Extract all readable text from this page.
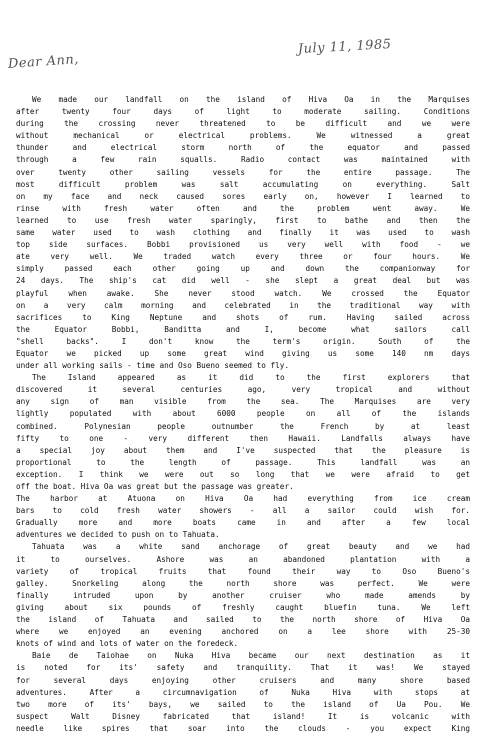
Dear Ann,
July 11, 1985
We made our landfall on the island of Hiva Oa in the Marquises
after twenty four days of light to moderate sailing. Conditions
during the crossing never threatened to be difficult and we were
without mechanical or electrical problems. We witnessed a great
thunder and electrical storm north of the equator and passed
through a few rain squalls. Radio contact was maintained with
over twenty other sailing vessels for the entire passage. The
most difficult problem was salt accumulating on everything. Salt
on my face and neck caused sores early on, however I learned to
rinse with fresh water often and the problem went away. We
learned to use fresh water sparingly, first to bathe and then the
same water used to wash clothing and finally it was used to wash
top side surfaces. Bobbi provisioned us very well with food - we
ate very well. We traded watch every three or four hours. We
simply passed each other going up and down the companionway for
24 days. The ship's cat did well - she slept a great deal but was
playful when awake. She never stood watch. We crossed the Equator
on a very calm morning and celebrated in the traditional way with
sacrifices to King Neptune and shots of rum. Having sailed across
the Equator Bobbi, Banditta and I, become what sailors call
"shell backs". I don't know the term's origin. South of the
Equator we picked up some great wind giving us some 140 nm days
under all working sails - time and Oso Bueno seemed to fly.
The Island appeared as it did to the first explorers that
discovered it several centuries ago, very tropical and without
any sign of man visible from the sea. The Marquises are very
lightly populated with about 6000 people on all of the islands
combined. Polynesian people outnumber the French by at least
fifty to one - very different then Hawaii. Landfalls always have
a special joy about them and I've suspected that the pleasure is
proportional to the length of passage. This landfall was an
exception. I think we were out so long that we were afraid to get
off the boat. Hiva Oa was great but the passage was greater.
The harbor at Atuona on Hiva Oa had everything from ice cream
bars to cold fresh water showers - all a sailor could wish for.
Gradually more and more boats came in and after a few local
adventures we decided to push on to Tahuata.
Tahuata was a white sand anchorage of great beauty and we had
it to ourselves. Ashore was an abandoned plantation with a
variety of tropical fruits that found their way to Oso Bueno's
galley. Snorkeling along the north shore was perfect. We were
finally intruded upon by another cruiser who made amends by
giving about six pounds of freshly caught bluefin tuna. We left
the island of Tahuata and sailed to the north shore of Hiva Oa
where we enjoyed an evening anchored on a lee shore with 25-30
knots of wind and lots of water on the foredeck.
Baie de Taiohae on Nuka Hiva became our next destination as it
is noted for its' safety and tranquility. That it was! We stayed
for several days enjoying other cruisers and many shore based
adventures. After a circumnavigation of Nuka Hiva with stops at
two more of its' bays, we sailed to the island of Ua Pou. We
suspect Walt Disney fabricated that island! It is volcanic with
needle like spires that soar into the clouds - you expect King
